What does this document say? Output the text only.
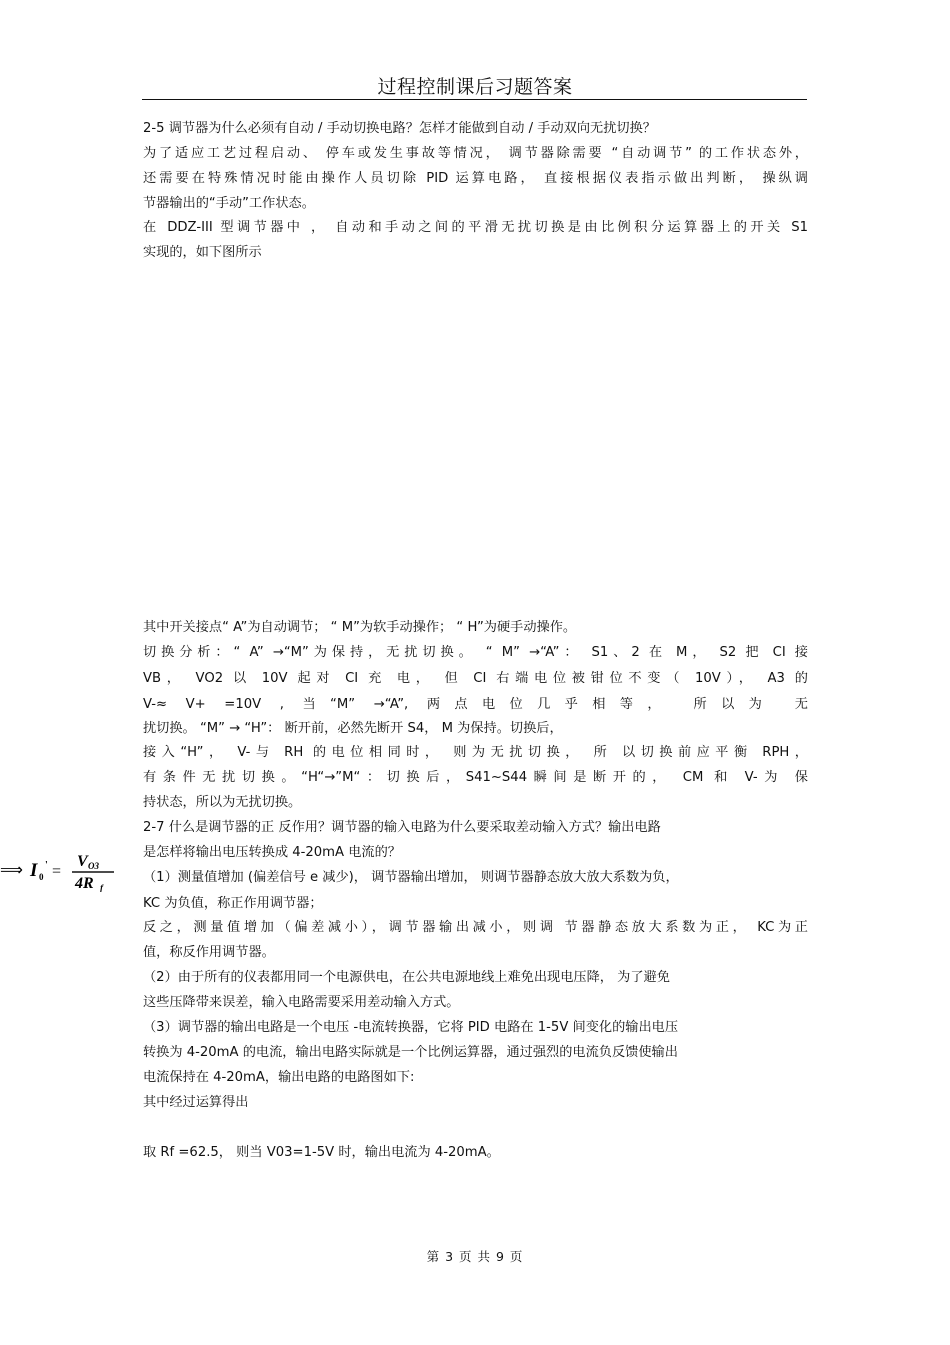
过程控制课后习题答案
2-5 调节器为什么必须有自动 / 手动切换电路？怎样才能做到自动 / 手动双向无扰切换？
为了适应工艺过程启动、 停车或发生事故等情况， 调节器除需要 “自动调节” 的工作状态外，
还需要在特殊情况时能由操作人员切除 PID 运算电路， 直接根据仪表指示做出判断， 操纵调
节器输出的“手动”工作状态。
在 DDZ-III 型调节器中 ， 自动和手动之间的平滑无扰切换是由比例积分运算器上的开关 S1
实现的，如下图所示
其中开关接点“ A”为自动调节； “ M”为软手动操作； “ H”为硬手动操作。
切换分析：“ A” →“M”为保持，无扰切换。 “ M” →“A”： S1、2 在 M， S2 把 CI 接
VB， VO2 以 10V 起对 CI 充 电， 但 CI 右端电位被钳位不变（ 10V）， A3 的
V-≈ V+ =10V , 当“M” →“A”, 两点电位几乎相等， 所以为 无
扰切换。 “M” → “H”： 断开前，必然先断开 S4， M 为保持。切换后，
接入“H”， V-与 RH 的电位相同时， 则为无扰切换， 所 以切换前应平衡 RPH，
有条件无扰切换。“H“→”M“：切换后，S41~S44瞬间是断开的， CM 和 V-为 保
持状态，所以为无扰切换。
2-7 什么是调节器的正 反作用？调节器的输入电路为什么要采取差动输入方式？输出电路
是怎样将输出电压转换成 4-20mA 电流的？
（1）测量值增加 (偏差信号 e 减少)， 调节器输出增加， 则调节器静态放大放大系数为负，
KC 为负值，称正作用调节器；
反之，测量值增加（偏差减小），调节器输出减小，则调 节器静态放大系数为正， KC为正
值，称反作用调节器。
（2）由于所有的仪表都用同一个电源供电，在公共电源地线上难免出现电压降， 为了避免
这些压降带来误差，输入电路需要采用差动输入方式。
（3）调节器的输出电路是一个电压 -电流转换器，它将 PID 电路在 1-5V 间变化的输出电压
转换为 4-20mA 的电流，输出电路实际就是一个比例运算器，通过强烈的电流负反馈使输出
电流保持在 4-20mA，输出电路的电路图如下:
其中经过运算得出
取 Rf =62.5， 则当 V03=1-5V 时，输出电流为 4-20mA。
⟹ I 0
' =
V O3
4R f
第 3 页 共 9 页
